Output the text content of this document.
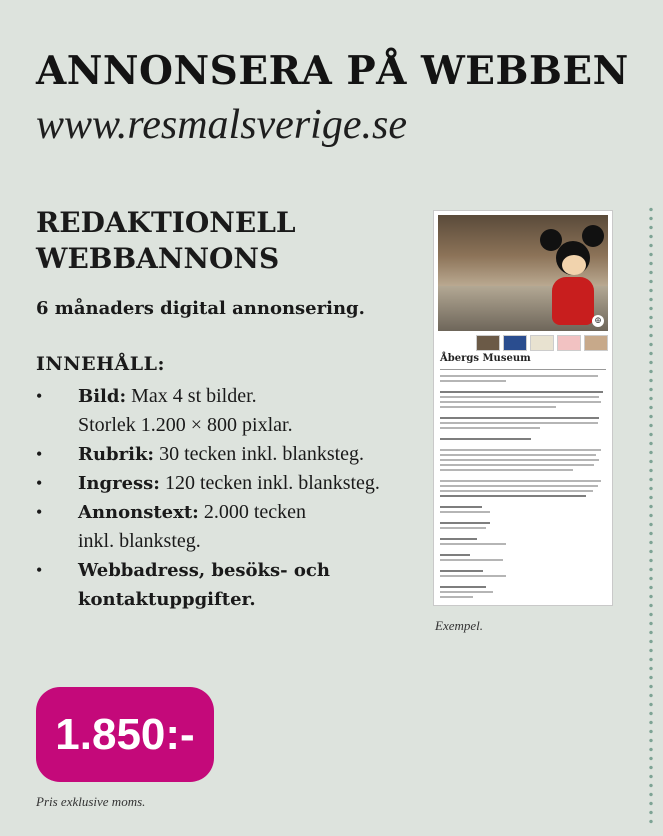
ANNONSERA PÅ WEBBEN
www.resmalsverige.se
REDAKTIONELL WEBBANNONS
6 månaders digital annonsering.
INNEHÅLL:
• Bild: Max 4 st bilder.
Storlek 1.200 × 800 pixlar.
• Rubrik: 30 tecken inkl. blanksteg.
• Ingress: 120 tecken inkl. blanksteg.
• Annonstext: 2.000 tecken
inkl. blanksteg.
• Webbadress, besöks- och kontaktuppgifter.
1.850:-
Pris exklusive moms.
⊕
Åbergs Museum
Exempel.
